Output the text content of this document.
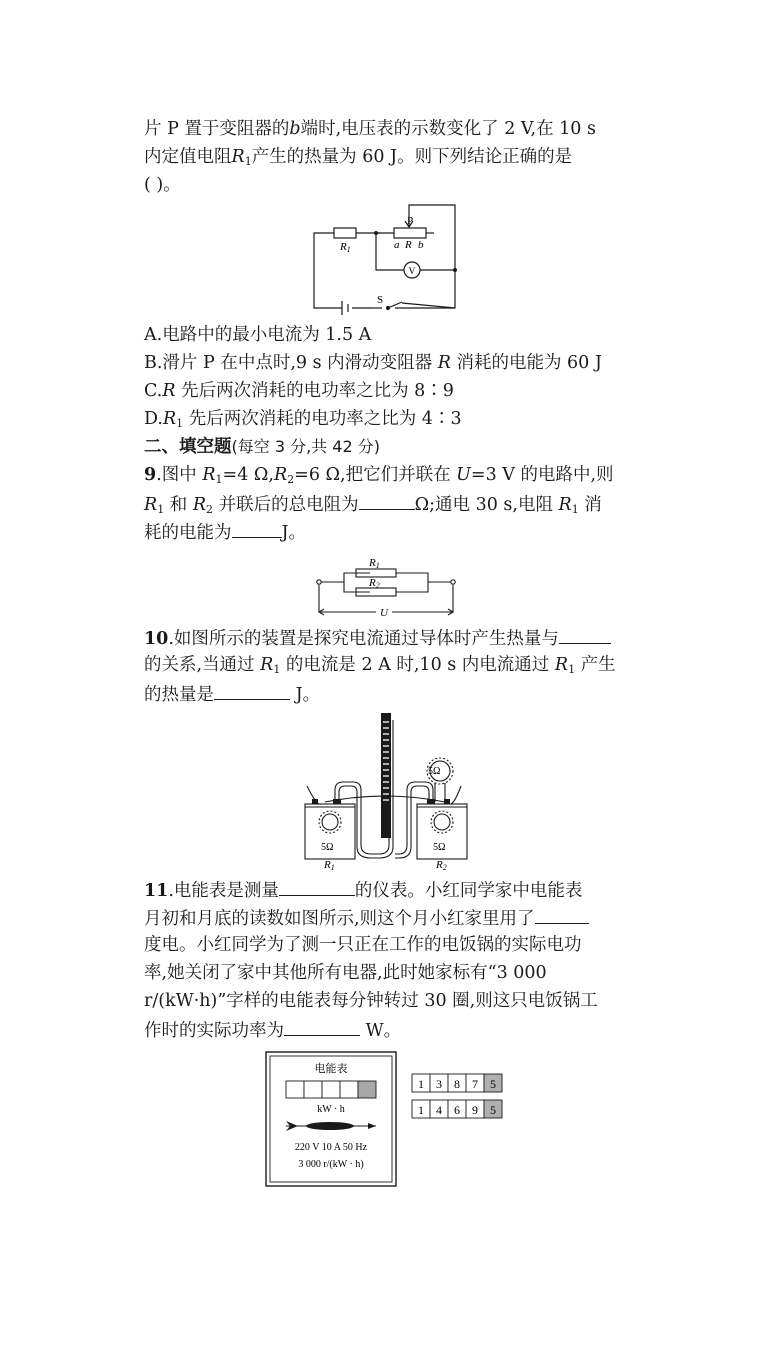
片 P 置于变阻器的b端时,电压表的示数变化了 2 V,在 10 s
内定值电阻$R_1$产生的热量为 60 J。则下列结论正确的是
( )。
P
R1	a R b
V
S
A.电路中的最小电流为 1.5 A
B.滑片 P 在中点时,9 s 内滑动变阻器 R 消耗的电能为 60 J
C.R 先后两次消耗的电功率之比为 8∶9
$D.R_1$ 先后两次消耗的电功率之比为 4∶3
二、填空题(每空 3 分,共 42 分)
9.图中 $R_1=4$ $\Omega,R_2=6$ Ω,把它们并联在 U=3 V 的电路中,则
$R_1$ 和 $R_2$ 并联后的总电阻为	Ω;通电 30 s,电阻 $R_1$ 消
耗的电能为	J。
R1
R2
U
10.如图所示的装置是探究电流通过导体时产生热量与
的关系,当通过 $R_1$ 的电流是 2 A 时,10 s 内电流通过 $R_1$ 产生
的热量是	J。
5Ω
5Ω	5Ω
R1	R2
11.电能表是测量	的仪表。小红同学家中电能表
月初和月底的读数如图所示,则这个月小红家里用了
度电。小红同学为了测一只正在工作的电饭锅的实际电功
率,她关闭了家中其他所有电器,此时她家标有“3 000
r/(kW·h)”字样的电能表每分钟转过 30 圈,则这只电饭锅工
作时的实际功率为	W。
电能表
kW · h
220 V 10 A 50 Hz
3 000 r/(kW · h)
1 3 8 7 5
1 4 6 9 5
